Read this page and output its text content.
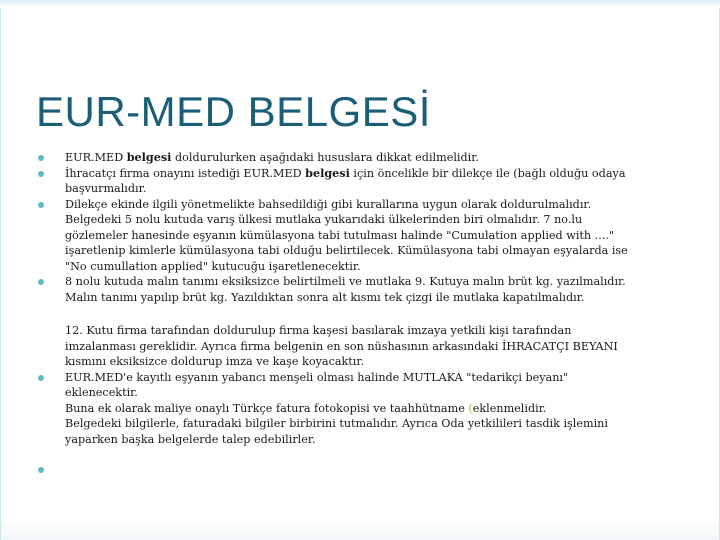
EUR-MED BELGESİ
EUR.MED belgesi doldurulurken aşağıdaki hususlara dikkat edilmelidir.
İhracatçı firma onayını istediği EUR.MED belgesi için öncelikle bir dilekçe ile (bağlı olduğu odaya
başvurmalıdır.
Dilekçe ekinde ilgili yönetmelikte bahsedildiği gibi kurallarına uygun olarak doldurulmalıdır.
Belgedeki 5 nolu kutuda varış ülkesi mutlaka yukarıdaki ülkelerinden biri olmalıdır. 7 no.lu
gözlemeler hanesinde eşyanın kümülasyona tabi tutulması halinde "Cumulation applied with ...."
işaretlenip kimlerle kümülasyona tabi olduğu belirtilecek. Kümülasyona tabi olmayan eşyalarda ise
"No cumullation applied" kutucuğu işaretlenecektir.
8 nolu kutuda malın tanımı eksiksizce belirtilmeli ve mutlaka 9. Kutuya malın brüt kg. yazılmalıdır.
Malın tanımı yapılıp brüt kg. Yazıldıktan sonra alt kısmı tek çizgi ile mutlaka kapatılmalıdır.
12. Kutu firma tarafından doldurulup firma kaşesi basılarak imzaya yetkili kişi tarafından
imzalanması gereklidir. Ayrıca firma belgenin en son nüshasının arkasındaki İHRACATÇI BEYANI
kısmını eksiksizce doldurup imza ve kaşe koyacaktır.
EUR.MED'e kayıtlı eşyanın yabancı menşeli olması halinde MUTLAKA "tedarikçi beyanı"
eklenecektir.
Buna ek olarak maliye onaylı Türkçe fatura fotokopisi ve taahhütname (eklenmelidir.
Belgedeki bilgilerle, faturadaki bilgiler birbirini tutmalıdır. Ayrıca Oda yetkilileri tasdik işlemini
yaparken başka belgelerde talep edebilirler.
